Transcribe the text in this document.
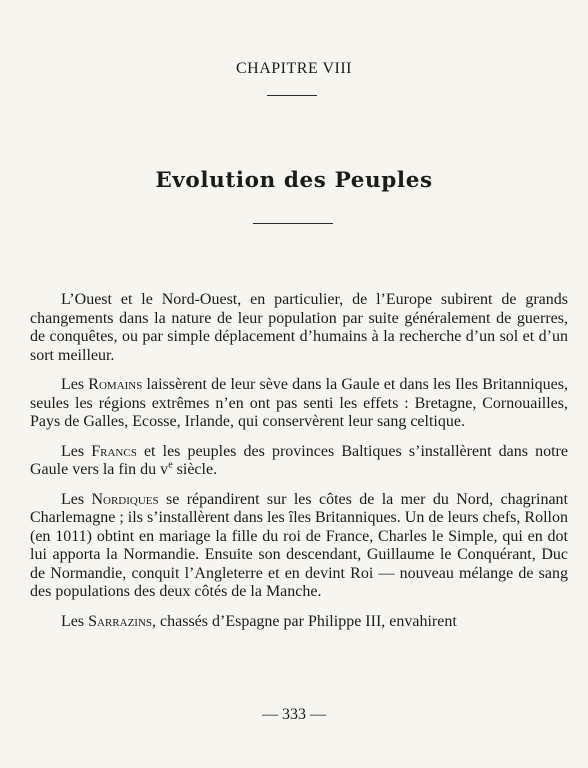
CHAPITRE VIII
Evolution des Peuples

L’Ouest et le Nord-Ouest, en particulier, de l’Europe subirent de grands changements dans la nature de leur population par suite généralement de guerres, de conquêtes, ou par simple déplacement d’humains à la recherche d’un sol et d’un sort meilleur.

Les Romains laissèrent de leur sève dans la Gaule et dans les Iles Britanniques, seules les régions extrêmes n’en ont pas senti les effets : Bretagne, Cornouailles, Pays de Galles, Ecosse, Irlande, qui conservèrent leur sang celtique.

Les Francs et les peuples des provinces Baltiques s’installèrent dans notre Gaule vers la fin du $v^e$ siècle.

Les Nordiques se répandirent sur les côtes de la mer du Nord, chagrinant Charlemagne ; ils s’installèrent dans les îles Britanniques. Un de leurs chefs, Rollon (en 1011) obtint en mariage la fille du roi de France, Charles le Simple, qui en dot lui apporta la Normandie. Ensuite son descendant, Guillaume le Conquérant, Duc de Normandie, conquit l’Angleterre et en devint Roi — nouveau mélange de sang des populations des deux côtés de la Manche.

Les Sarrazins, chassés d’Espagne par Philippe III, envahirent

— 333 —
